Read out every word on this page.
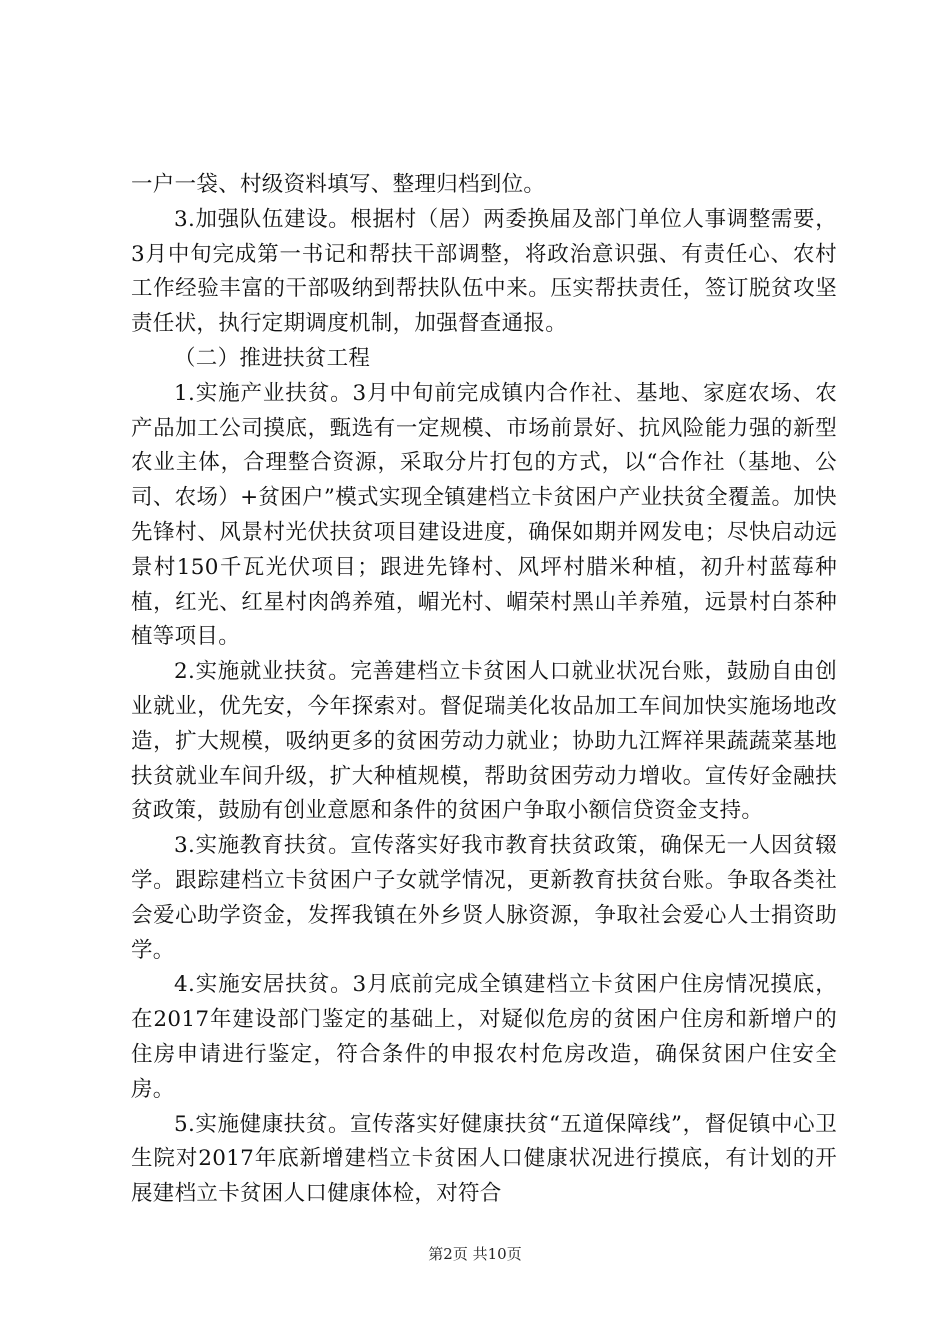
一户一袋、村级资料填写、整理归档到位。

3.加强队伍建设。根据村（居）两委换届及部门单位人事调整需要，3月中旬完成第一书记和帮扶干部调整，将政治意识强、有责任心、农村工作经验丰富的干部吸纳到帮扶队伍中来。压实帮扶责任，签订脱贫攻坚责任状，执行定期调度机制，加强督查通报。

（二）推进扶贫工程

1.实施产业扶贫。3月中旬前完成镇内合作社、基地、家庭农场、农产品加工公司摸底，甄选有一定规模、市场前景好、抗风险能力强的新型农业主体，合理整合资源，采取分片打包的方式，以“合作社（基地、公司、农场）+贫困户”模式实现全镇建档立卡贫困户产业扶贫全覆盖。加快先锋村、风景村光伏扶贫项目建设进度，确保如期并网发电；尽快启动远景村150千瓦光伏项目；跟进先锋村、风坪村腊米种植，初升村蓝莓种植，红光、红星村肉鸽养殖，嵋光村、嵋荣村黑山羊养殖，远景村白茶种植等项目。

2.实施就业扶贫。完善建档立卡贫困人口就业状况台账，鼓励自由创业就业，优先安，今年探索对。督促瑞美化妆品加工车间加快实施场地改造，扩大规模，吸纳更多的贫困劳动力就业；协助九江辉祥果蔬蔬菜基地扶贫就业车间升级，扩大种植规模，帮助贫困劳动力增收。宣传好金融扶贫政策，鼓励有创业意愿和条件的贫困户争取小额信贷资金支持。

3.实施教育扶贫。宣传落实好我市教育扶贫政策，确保无一人因贫辍学。跟踪建档立卡贫困户子女就学情况，更新教育扶贫台账。争取各类社会爱心助学资金，发挥我镇在外乡贤人脉资源，争取社会爱心人士捐资助学。

4.实施安居扶贫。3月底前完成全镇建档立卡贫困户住房情况摸底，在2017年建设部门鉴定的基础上，对疑似危房的贫困户住房和新增户的住房申请进行鉴定，符合条件的申报农村危房改造，确保贫困户住安全房。

5.实施健康扶贫。宣传落实好健康扶贫“五道保障线”，督促镇中心卫生院对2017年底新增建档立卡贫困人口健康状况进行摸底，有计划的开展建档立卡贫困人口健康体检，对符合

第2页 共10页
